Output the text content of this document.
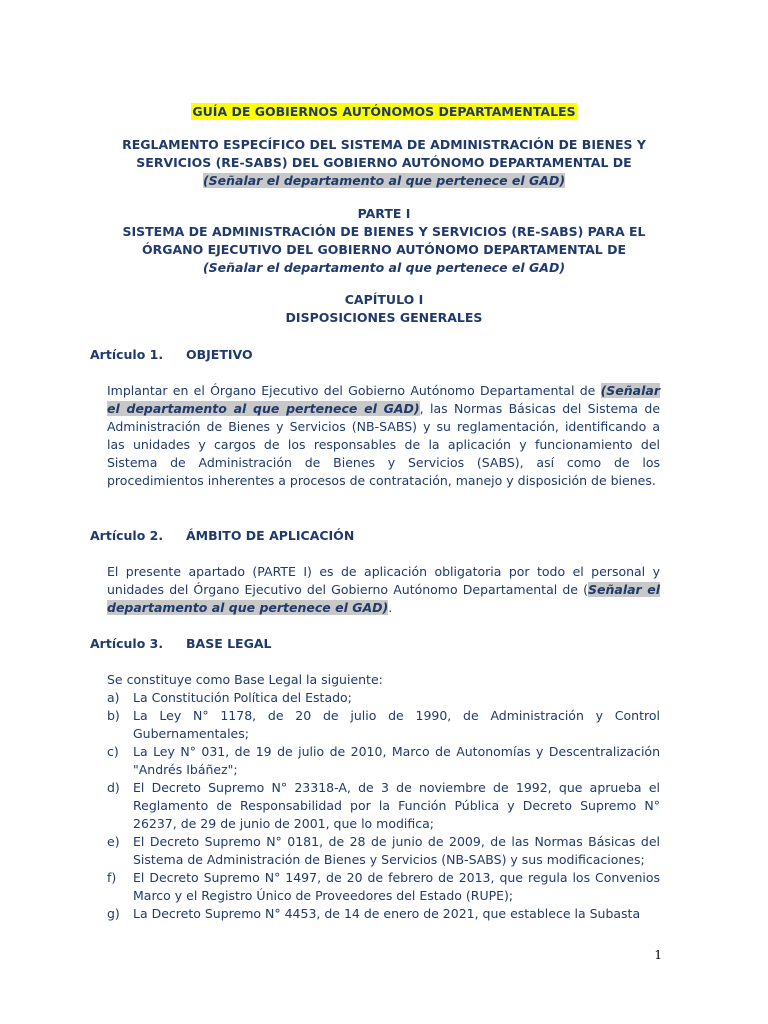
GUÍA DE GOBIERNOS AUTÓNOMOS DEPARTAMENTALES
REGLAMENTO ESPECÍFICO DEL SISTEMA DE ADMINISTRACIÓN DE BIENES Y
SERVICIOS (RE-SABS) DEL GOBIERNO AUTÓNOMO DEPARTAMENTAL DE
(Señalar el departamento al que pertenece el GAD)
PARTE I
SISTEMA DE ADMINISTRACIÓN DE BIENES Y SERVICIOS (RE-SABS) PARA EL
ÓRGANO EJECUTIVO DEL GOBIERNO AUTÓNOMO DEPARTAMENTAL DE
(Señalar el departamento al que pertenece el GAD)
CAPÍTULO I
DISPOSICIONES GENERALES
Artículo 1. OBJETIVO
Implantar en el Órgano Ejecutivo del Gobierno Autónomo Departamental de (Señalar el departamento al que pertenece el GAD), las Normas Básicas del Sistema de Administración de Bienes y Servicios (NB-SABS) y su reglamentación, identificando a las unidades y cargos de los responsables de la aplicación y funcionamiento del Sistema de Administración de Bienes y Servicios (SABS), así como de los procedimientos inherentes a procesos de contratación, manejo y disposición de bienes.
Artículo 2. ÁMBITO DE APLICACIÓN
El presente apartado (PARTE I) es de aplicación obligatoria por todo el personal y unidades del Órgano Ejecutivo del Gobierno Autónomo Departamental de (Señalar el departamento al que pertenece el GAD).
Artículo 3. BASE LEGAL
Se constituye como Base Legal la siguiente:
a)	La Constitución Política del Estado;
b)	La Ley N° 1178, de 20 de julio de 1990, de Administración y Control Gubernamentales;
c)	La Ley N° 031, de 19 de julio de 2010, Marco de Autonomías y Descentralización "Andrés Ibáñez";
d)	El Decreto Supremo N° 23318-A, de 3 de noviembre de 1992, que aprueba el Reglamento de Responsabilidad por la Función Pública y Decreto Supremo N° 26237, de 29 de junio de 2001, que lo modifica;
e)	El Decreto Supremo N° 0181, de 28 de junio de 2009, de las Normas Básicas del Sistema de Administración de Bienes y Servicios (NB-SABS) y sus modificaciones;
f)	El Decreto Supremo N° 1497, de 20 de febrero de 2013, que regula los Convenios Marco y el Registro Único de Proveedores del Estado (RUPE);
g)	La Decreto Supremo N° 4453, de 14 de enero de 2021, que establece la Subasta
1
